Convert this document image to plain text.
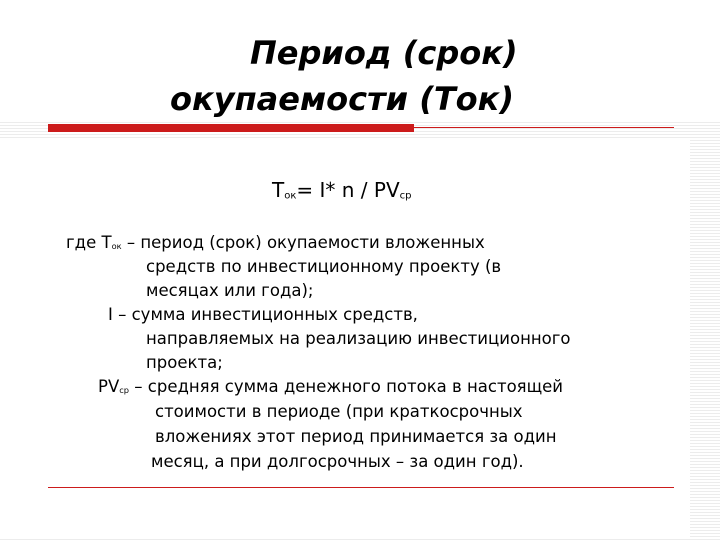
Период (срок)
окупаемости (Ток)
$Т_{ок}= I*$ n / $PV_{ср}$
где $Т_{ок}$ – период (срок) окупаемости вложенных
средств по инвестиционному проекту (в
месяцах или года);
I – сумма инвестиционных средств,
направляемых на реализацию инвестиционного
проекта;
$PV_{ср}$ – средняя сумма денежного потока в настоящей
стоимости в периоде (при краткосрочных
вложениях этот период принимается за один
месяц, а при долгосрочных – за один год).
